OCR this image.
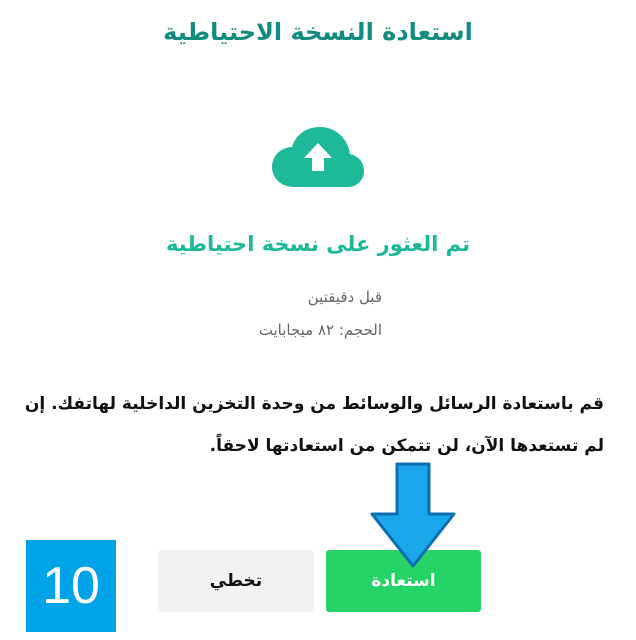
استعادة النسخة الاحتياطية
تم العثور على نسخة احتياطية
قبل دقيقتين
الحجم: ٨٢ ميجابايت
قم باستعادة الرسائل والوسائط من وحدة التخزين الداخلية لهاتفك. إن لم تستعدها الآن، لن تتمكن من استعادتها لاحقاً.
تخطي	استعادة
10
